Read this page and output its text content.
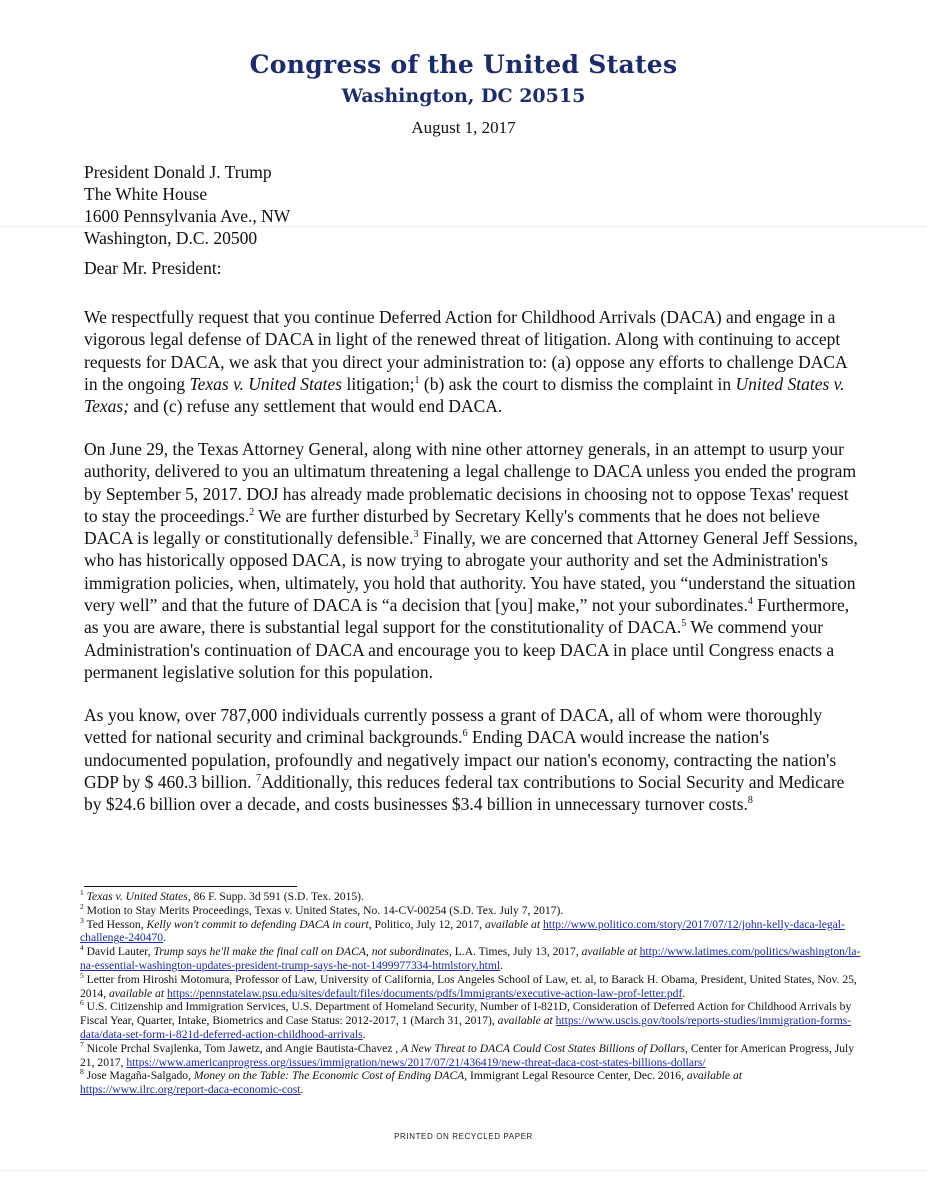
Congress of the United States
Washington, DC 20515
August 1, 2017
President Donald J. Trump
The White House
1600 Pennsylvania Ave., NW
Washington, D.C. 20500
Dear Mr. President:
We respectfully request that you continue Deferred Action for Childhood Arrivals (DACA) and engage in a vigorous legal defense of DACA in light of the renewed threat of litigation. Along with continuing to accept requests for DACA, we ask that you direct your administration to: (a) oppose any efforts to challenge DACA in the ongoing Texas v. United States litigation;$^1$ (b) ask the court to dismiss the complaint in United States v. Texas; and (c) refuse any settlement that would end DACA.
On June 29, the Texas Attorney General, along with nine other attorney generals, in an attempt to usurp your authority, delivered to you an ultimatum threatening a legal challenge to DACA unless you ended the program by September 5, 2017. DOJ has already made problematic decisions in choosing not to oppose Texas' request to stay the proceedings.$^2$ We are further disturbed by Secretary Kelly's comments that he does not believe DACA is legally or constitutionally defensible.$^3$ Finally, we are concerned that Attorney General Jeff Sessions, who has historically opposed DACA, is now trying to abrogate your authority and set the Administration's immigration policies, when, ultimately, you hold that authority. You have stated, you “understand the situation very well” and that the future of DACA is “a decision that [you] make,” not your subordinates.$^4$ Furthermore, as you are aware, there is substantial legal support for the constitutionality of DACA.$^5$ We commend your Administration's continuation of DACA and encourage you to keep DACA in place until Congress enacts a permanent legislative solution for this population.
As you know, over 787,000 individuals currently possess a grant of DACA, all of whom were thoroughly vetted for national security and criminal backgrounds.$^6$ Ending DACA would increase the nation's undocumented population, profoundly and negatively impact our nation's economy, contracting the nation's GDP by $ 460.3 billion. $^7$Additionally, this reduces federal tax contributions to Social Security and Medicare by $24.6 billion over a decade, and costs businesses $3.4 billion in unnecessary turnover costs.$^8$

$^1$ Texas v. United States, 86 F. Supp. 3d 591 (S.D. Tex. 2015).

$^2$ Motion to Stay Merits Proceedings, Texas v. United States, No. 14-CV-00254 (S.D. Tex. July 7, 2017).

$^3$ Ted Hesson, Kelly won't commit to defending DACA in court, Politico, July 12, 2017, available at http://www.politico.com/story/2017/07/12/john-kelly-daca-legal-challenge-240470.

$^4$ David Lauter, Trump says he'll make the final call on DACA, not subordinates, L.A. Times, July 13, 2017, available at http://www.latimes.com/politics/washington/la-na-essential-washington-updates-president-trump-says-he-not-1499977334-htmlstory.html.

$^5$ Letter from Hiroshi Motomura, Professor of Law, University of California, Los Angeles School of Law, et. al, to Barack H. Obama, President, United States, Nov. 25, 2014, available at https://pennstatelaw.psu.edu/sites/default/files/documents/pdfs/Immigrants/executive-action-law-prof-letter.pdf.

$^6$ U.S. Citizenship and Immigration Services, U.S. Department of Homeland Security, Number of I-821D, Consideration of Deferred Action for Childhood Arrivals by Fiscal Year, Quarter, Intake, Biometrics and Case Status: 2012-2017, 1 (March 31, 2017), available at https://www.uscis.gov/tools/reports-studies/immigration-forms-data/data-set-form-i-821d-deferred-action-childhood-arrivals.

$^7$ Nicole Prchal Svajlenka, Tom Jawetz, and Angie Bautista-Chavez , A New Threat to DACA Could Cost States Billions of Dollars, Center for American Progress, July 21, 2017, https://www.americanprogress.org/issues/immigration/news/2017/07/21/436419/new-threat-daca-cost-states-billions-dollars/

$^8$ Jose Magaña-Salgado, Money on the Table: The Economic Cost of Ending DACA, Immigrant Legal Resource Center, Dec. 2016, available at https://www.ilrc.org/report-daca-economic-cost.

PRINTED ON RECYCLED PAPER
